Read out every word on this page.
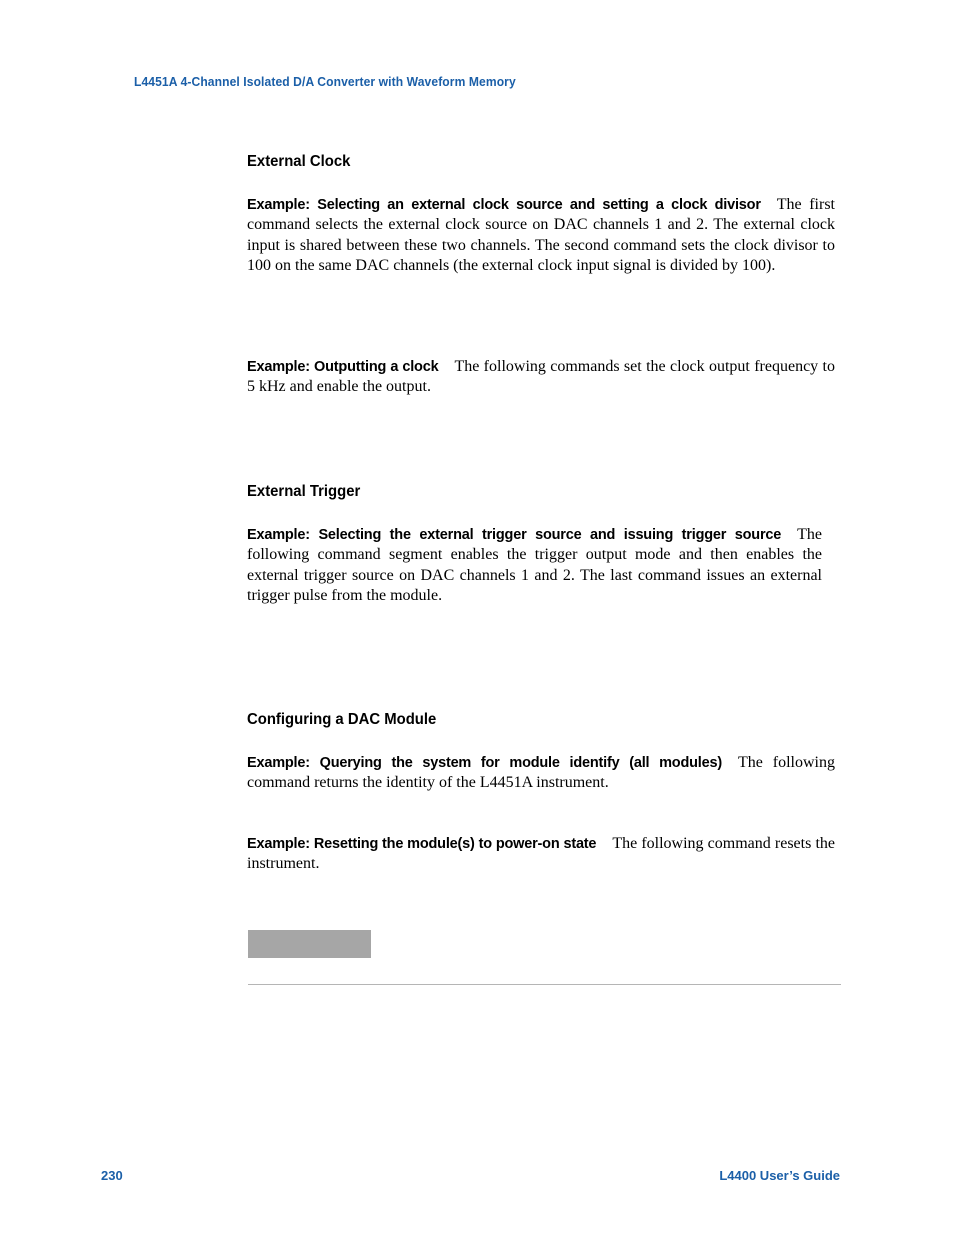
L4451A 4-Channel Isolated D/A Converter with Waveform Memory
External Clock

Example: Selecting an external clock source and setting a clock divisor The first command selects the external clock source on DAC channels 1 and 2. The external clock input is shared between these two channels. The second command sets the clock divisor to 100 on the same DAC channels (the external clock input signal is divided by 100).

Example: Outputting a clock The following commands set the clock output frequency to 5 kHz and enable the output.

External Trigger

Example: Selecting the external trigger source and issuing trigger source The following command segment enables the trigger output mode and then enables the external trigger source on DAC channels 1 and 2. The last command issues an external trigger pulse from the module.

Configuring a DAC Module

Example: Querying the system for module identify (all modules) The following command returns the identity of the L4451A instrument.

Example: Resetting the module(s) to power-on state The following command resets the instrument.

230	L4400 User’s Guide
